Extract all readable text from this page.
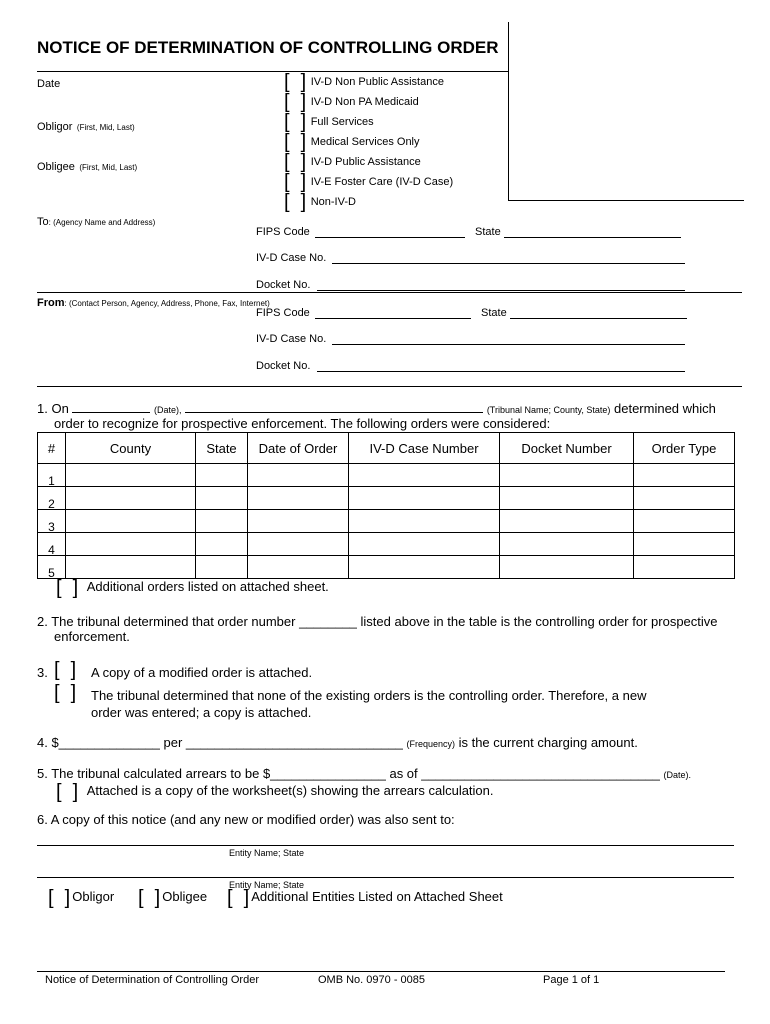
NOTICE OF DETERMINATION OF CONTROLLING ORDER
Date
Obligor (First, Mid, Last)
Obligee (First, Mid, Last)
[  ] IV-D Non Public Assistance
[  ] IV-D Non PA Medicaid
[  ] Full Services
[  ] Medical Services Only
[  ] IV-D Public Assistance
[  ] IV-E Foster Care (IV-D Case)
[  ] Non-IV-D
To: (Agency Name and Address)
FIPS Code	State
IV-D Case No.
Docket No.
From: (Contact Person, Agency, Address, Phone, Fax, Internet)
FIPS Code	State
IV-D Case No.
Docket No.
1. On	(Date),	(Tribunal Name; County, State) determined which
order to recognize for prospective enforcement. The following orders were considered:
#	County	State	Date of Order	IV-D Case Number	Docket Number	Order Type
1						
2						
3						
4						
5						
[  ] Additional orders listed on attached sheet.
2. The tribunal determined that order number ________ listed above in the table is the controlling order for prospective
enforcement.
3. [  ] A copy of a modified order is attached.
[  ] The tribunal determined that none of the existing orders is the controlling order. Therefore, a new
order was entered; a copy is attached.
4. $______________ per ______________________________ (Frequency) is the current charging amount.
5. The tribunal calculated arrears to be $________________ as of _________________________________ (Date).
[  ] Attached is a copy of the worksheet(s) showing the arrears calculation.
6. A copy of this notice (and any new or modified order) was also sent to:
Entity Name; State
Entity Name; State
[  ] Obligor [  ] Obligee [  ] Additional Entities Listed on Attached Sheet
Notice of Determination of Controlling Order	OMB No. 0970 - 0085	Page 1 of 1
